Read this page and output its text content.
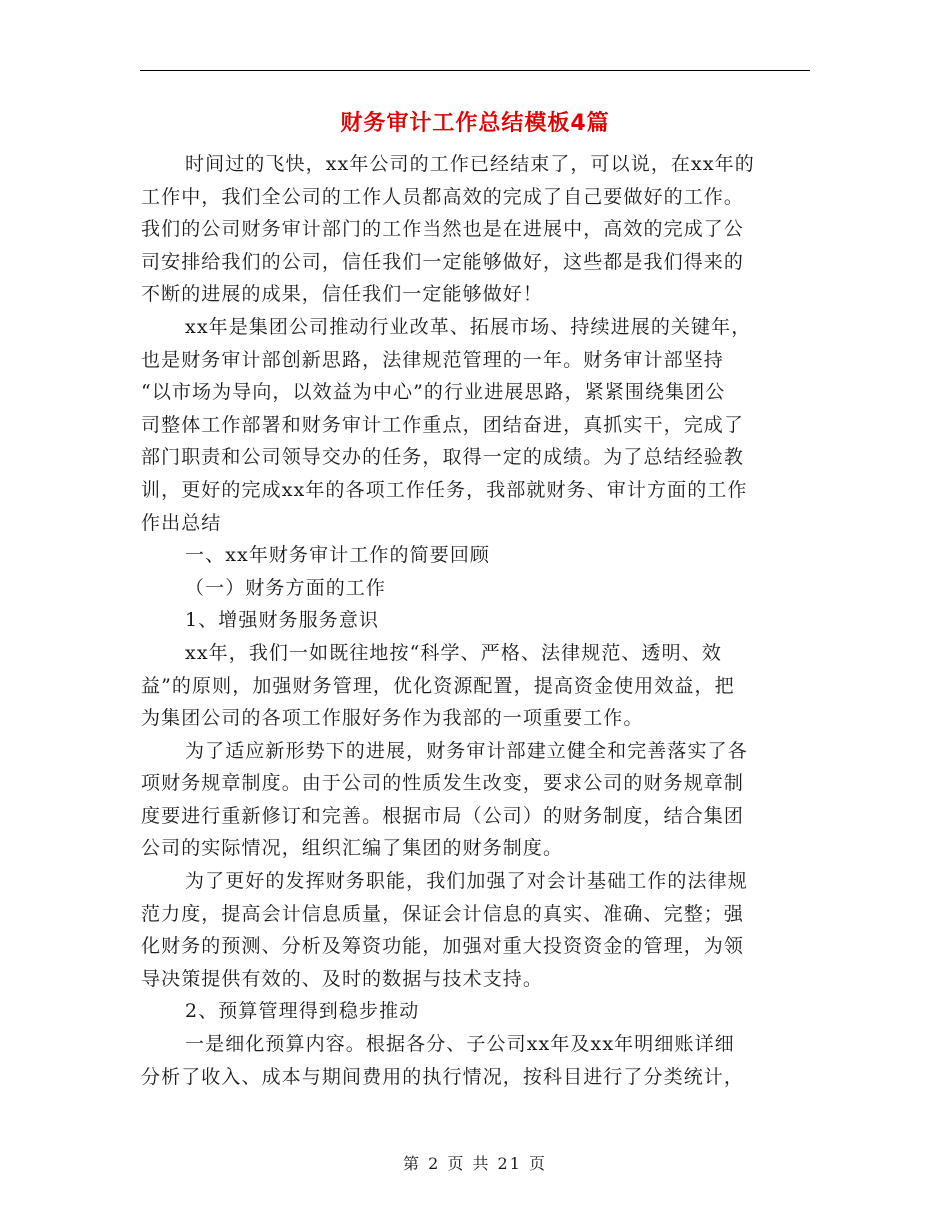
财务审计工作总结模板4篇
时间过的飞快，xx年公司的工作已经结束了，可以说，在xx年的
工作中，我们全公司的工作人员都高效的完成了自己要做好的工作。
我们的公司财务审计部门的工作当然也是在进展中，高效的完成了公
司安排给我们的公司，信任我们一定能够做好，这些都是我们得来的
不断的进展的成果，信任我们一定能够做好！
xx年是集团公司推动行业改革、拓展市场、持续进展的关键年，
也是财务审计部创新思路，法律规范管理的一年。财务审计部坚持
“以市场为导向，以效益为中心”的行业进展思路，紧紧围绕集团公
司整体工作部署和财务审计工作重点，团结奋进，真抓实干，完成了
部门职责和公司领导交办的任务，取得一定的成绩。为了总结经验教
训，更好的完成xx年的各项工作任务，我部就财务、审计方面的工作
作出总结
一、xx年财务审计工作的简要回顾
（一）财务方面的工作
1、增强财务服务意识
xx年，我们一如既往地按“科学、严格、法律规范、透明、效
益”的原则，加强财务管理，优化资源配置，提高资金使用效益，把
为集团公司的各项工作服好务作为我部的一项重要工作。
为了适应新形势下的进展，财务审计部建立健全和完善落实了各
项财务规章制度。由于公司的性质发生改变，要求公司的财务规章制
度要进行重新修订和完善。根据市局（公司）的财务制度，结合集团
公司的实际情况，组织汇编了集团的财务制度。
为了更好的发挥财务职能，我们加强了对会计基础工作的法律规
范力度，提高会计信息质量，保证会计信息的真实、准确、完整；强
化财务的预测、分析及筹资功能，加强对重大投资资金的管理，为领
导决策提供有效的、及时的数据与技术支持。
2、预算管理得到稳步推动
一是细化预算内容。根据各分、子公司xx年及xx年明细账详细
分析了收入、成本与期间费用的执行情况，按科目进行了分类统计，
第 2 页 共 21 页
